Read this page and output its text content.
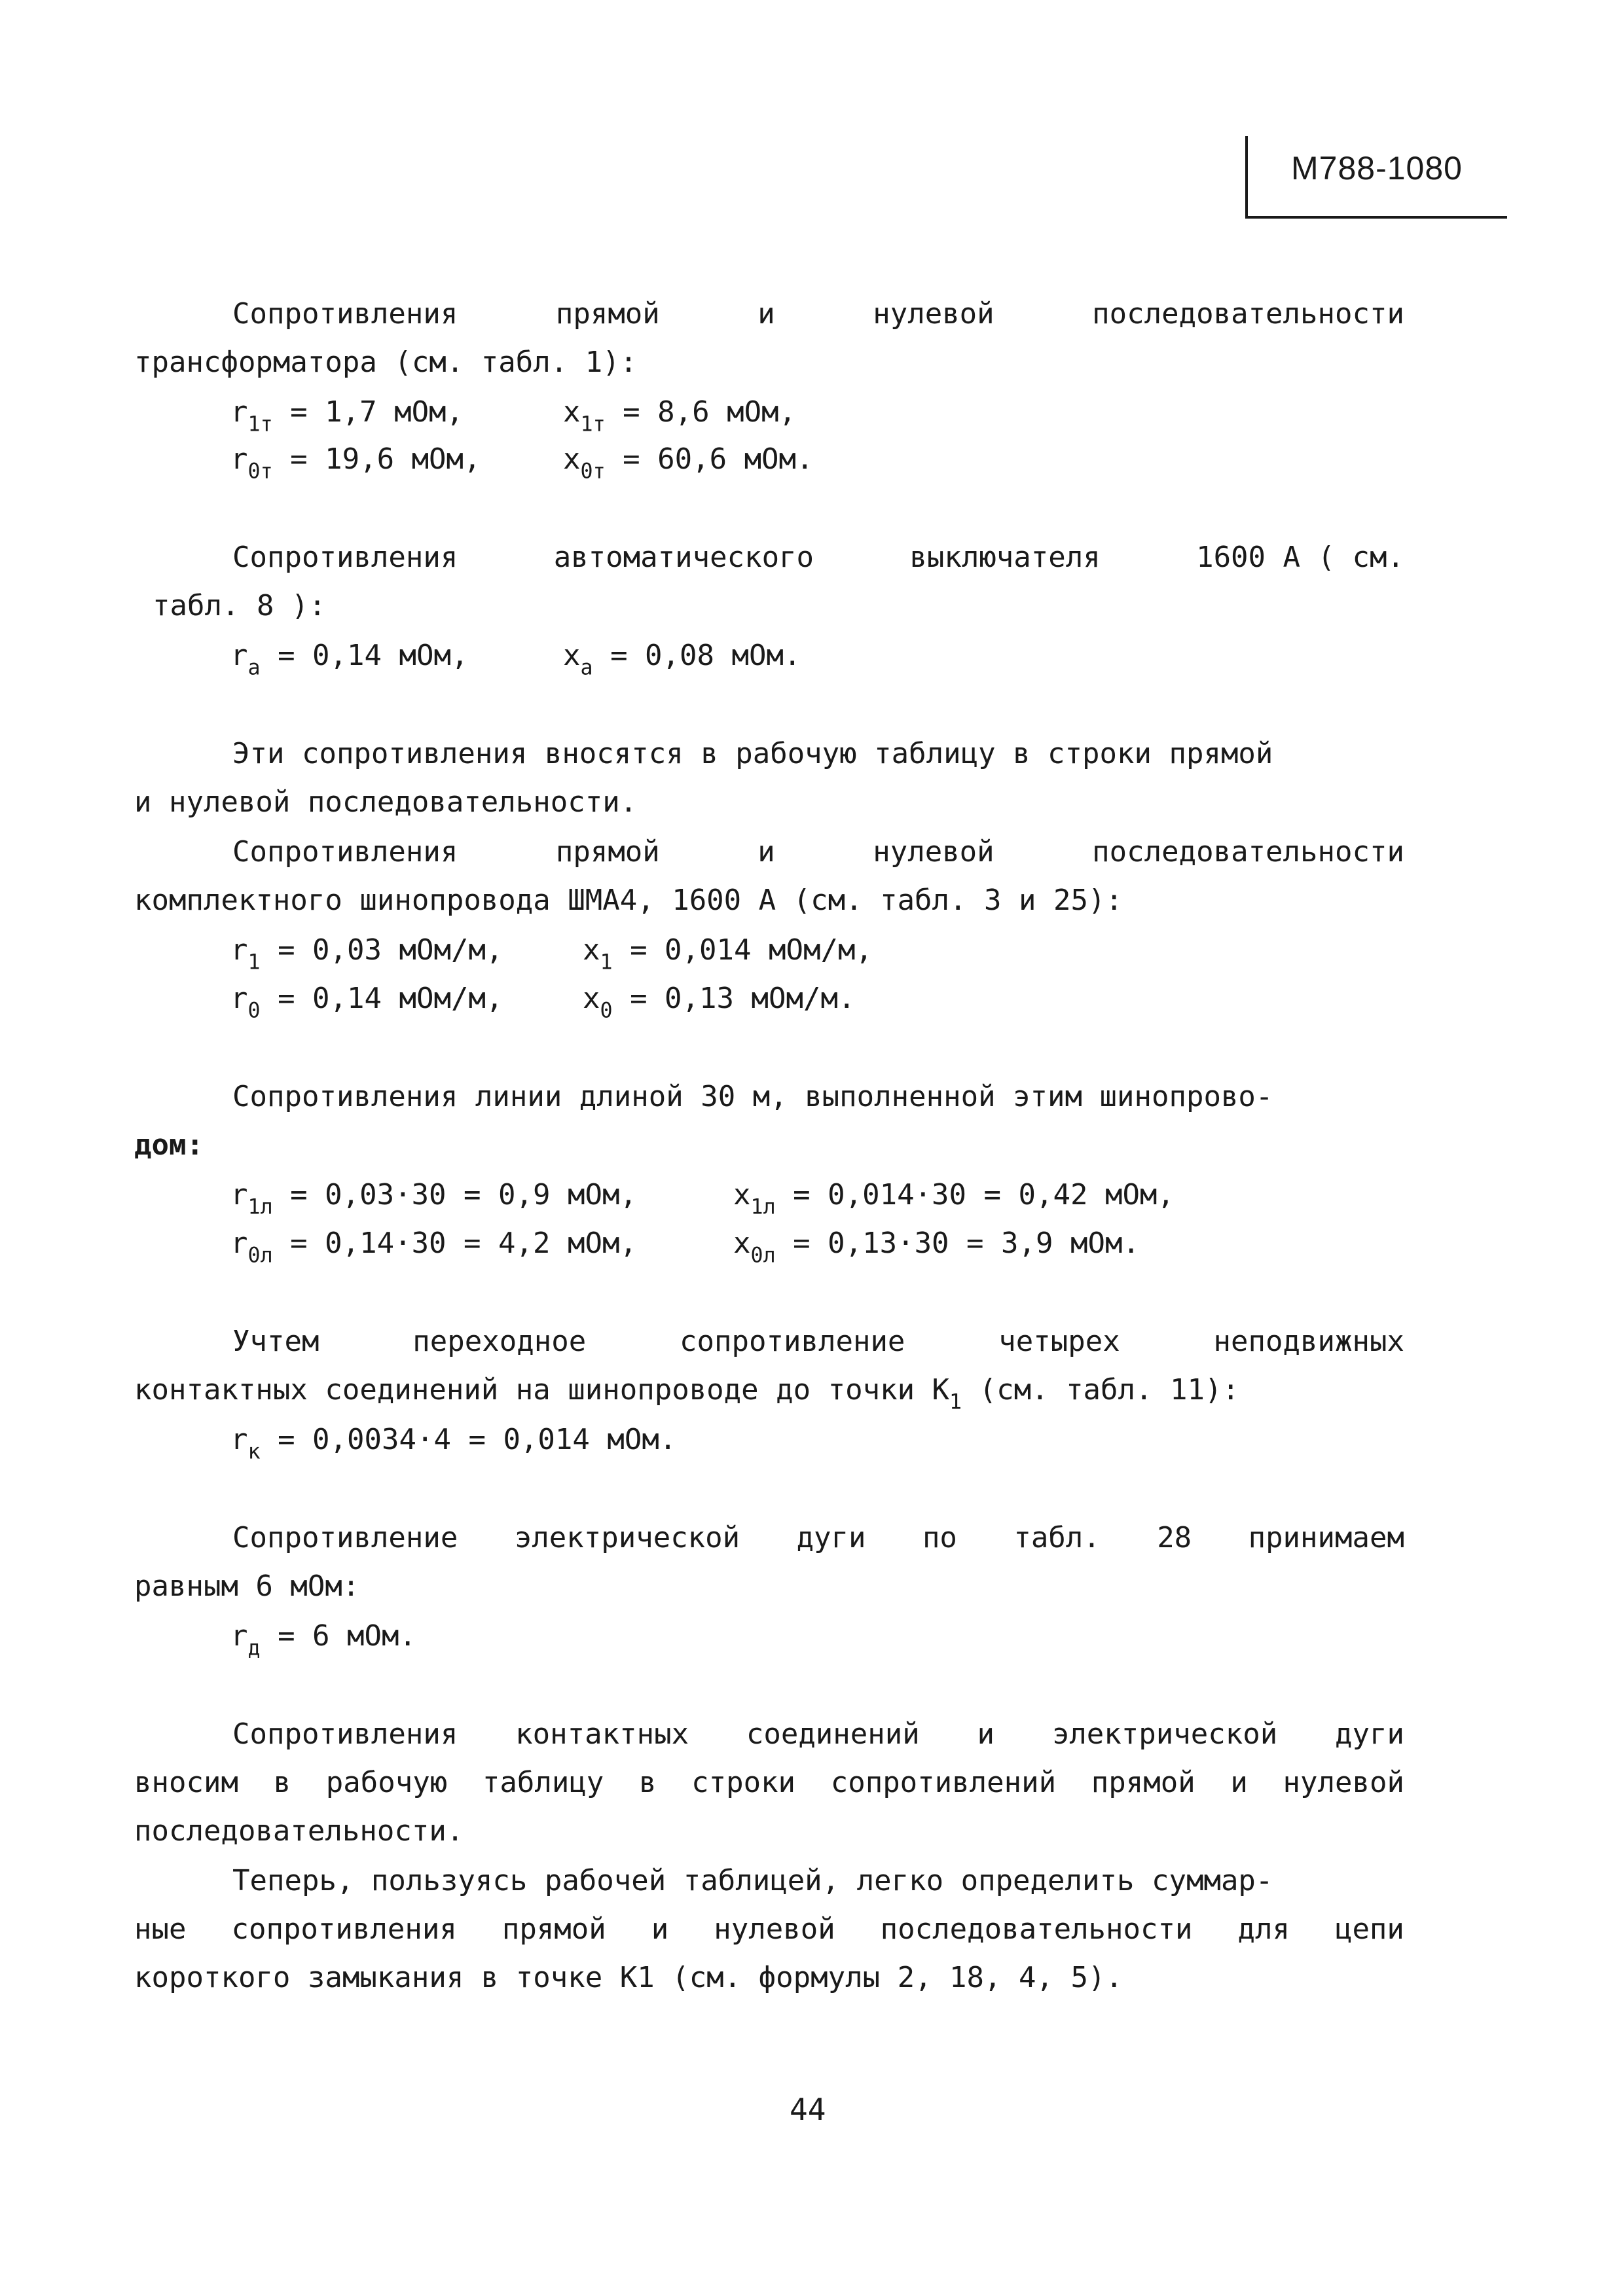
М788-1080
Сопротивления	прямой	и	нулевой	последовательности
трансформатора (см. табл. 1):
$r_{1т} = 1,7$ мОм,	$x_{1т} = 8,6$ мОм,
$r_{0т} = 19,6$ мОм,	$x_{0т} = 60,6$ мОм.
Сопротивления	автоматического	выключателя	1600 А ( см.
табл. 8 ):
$r_a = 0,14$ мОм,	$x_a = 0,08$ мОм.
Эти сопротивления вносятся в рабочую таблицу в строки прямой
и нулевой последовательности.
Сопротивления	прямой	и	нулевой	последовательности
комплектного шинопровода ШМА4, 1600 А (см. табл. 3 и 25):
$r_1 = 0,03$ мОм/м,	$x_1 = 0,014$ мОм/м,
$r_0 = 0,14$ мОм/м,	$x_0 = 0,13$ мОм/м.
Сопротивления линии длиной 30 м, выполненной этим шинопрово-
дом:
$r_{1л} = 0,03\cdot 30 = 0,9$ мОм,	$x_{1л} = 0,014\cdot 30 = 0,42$ мОм,
$r_{0л} = 0,14\cdot 30 = 4,2$ мОм,	$x_{0л} = 0,13\cdot 30 = 3,9$ мОм.
Учтем	переходное	сопротивление	четырех	неподвижных
контактных соединений на шинопроводе до точки $К_1$ (см. табл. 11):
$r_к = 0,0034\cdot 4 = 0,014$ мОм.
Сопротивление электрической дуги по табл. 28 принимаем
равным 6 мОм:
$r_д = 6$ мОм.
Сопротивления контактных соединений и электрической дуги
вносим в рабочую таблицу в строки сопротивлений прямой и нулевой
последовательности.
Теперь, пользуясь рабочей таблицей, легко определить суммар-
ные сопротивления прямой и нулевой последовательности для цепи
короткого замыкания в точке К1 (см. формулы 2, 18, 4, 5).
44
